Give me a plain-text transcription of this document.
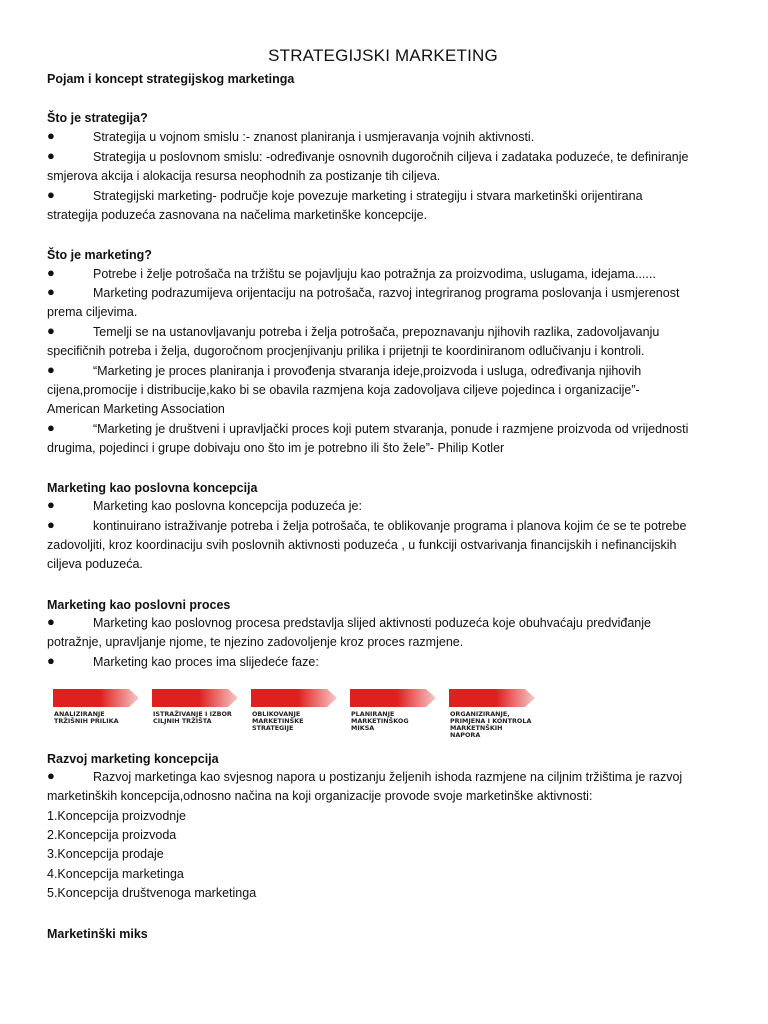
STRATEGIJSKI MARKETING
Pojam i koncept strategijskog marketinga
Što je strategija?
●	Strategija u vojnom smislu :- znanost planiranja i usmjeravanja vojnih aktivnosti.
●	Strategija u poslovnom smislu: -određivanje osnovnih dugoročnih ciljeva i zadataka poduzeće, te definiranje
smjerova akcija i alokacija resursa neophodnih za postizanje tih ciljeva.
●	Strategijski marketing- područje koje povezuje marketing i strategiju i stvara marketinški orijentirana
strategija poduzeća zasnovana na načelima marketinške koncepcije.
Što je marketing?
●	Potrebe i želje potrošača na tržištu se pojavljuju kao potražnja za proizvodima, uslugama, idejama......
●	Marketing podrazumijeva orijentaciju na potrošača, razvoj integriranog programa poslovanja i usmjerenost
prema ciljevima.
●	Temelji se na ustanovljavanju potreba i želja potrošača, prepoznavanju njihovih razlika, zadovoljavanju
specifičnih potreba i želja, dugoročnom procjenjivanju prilika i prijetnji te koordiniranom odlučivanju i kontroli.
●	“Marketing je proces planiranja i provođenja stvaranja ideje,proizvoda i usluga, određivanja njihovih
cijena,promocije i distribucije,kako bi se obavila razmjena koja zadovoljava ciljeve pojedinca i organizacije”-
American Marketing Association
●	“Marketing je društveni i upravljački proces koji putem stvaranja, ponude i razmjene proizvoda od vrijednosti
drugima, pojedinci i grupe dobivaju ono što im je potrebno ili što žele”- Philip Kotler
Marketing kao poslovna koncepcija
●	Marketing kao poslovna koncepcija poduzeća je:
●	kontinuirano istraživanje potreba i želja potrošača, te oblikovanje programa i planova kojim će se te potrebe
zadovoljiti, kroz koordinaciju svih poslovnih aktivnosti poduzeća , u funkciji ostvarivanja financijskih i nefinancijskih
ciljeva poduzeća.
Marketing kao poslovni proces
●	Marketing kao poslovnog procesa predstavlja slijed aktivnosti poduzeća koje obuhvaćaju predviđanje
potražnje, upravljanje njome, te njezino zadovoljenje kroz proces razmjene.
●	Marketing kao proces ima slijedeće faze:
Razvoj marketing koncepcija
●	Razvoj marketinga kao svjesnog napora u postizanju željenih ishoda razmjene na ciljnim tržištima je razvoj
marketinških koncepcija,odnosno načina na koji organizacije provode svoje marketinške aktivnosti:
1.Koncepcija proizvodnje
2.Koncepcija proizvoda
3.Koncepcija prodaje
4.Koncepcija marketinga
5.Koncepcija društvenoga marketinga
Marketinški miks
ANALIZIRANJE TRŽIŠNIH PRILIKA
ISTRAŽIVANJE I IZBOR CILJNIH TRŽIŠTA
OBLIKOVANJE MARKETINŠKE STRATEGIJE
PLANIRANJE MARKETINŠKOG MIKSA
ORGANIZIRANJE, PRIMJENA I KONTROLA MARKETNŠKIH NAPORA
